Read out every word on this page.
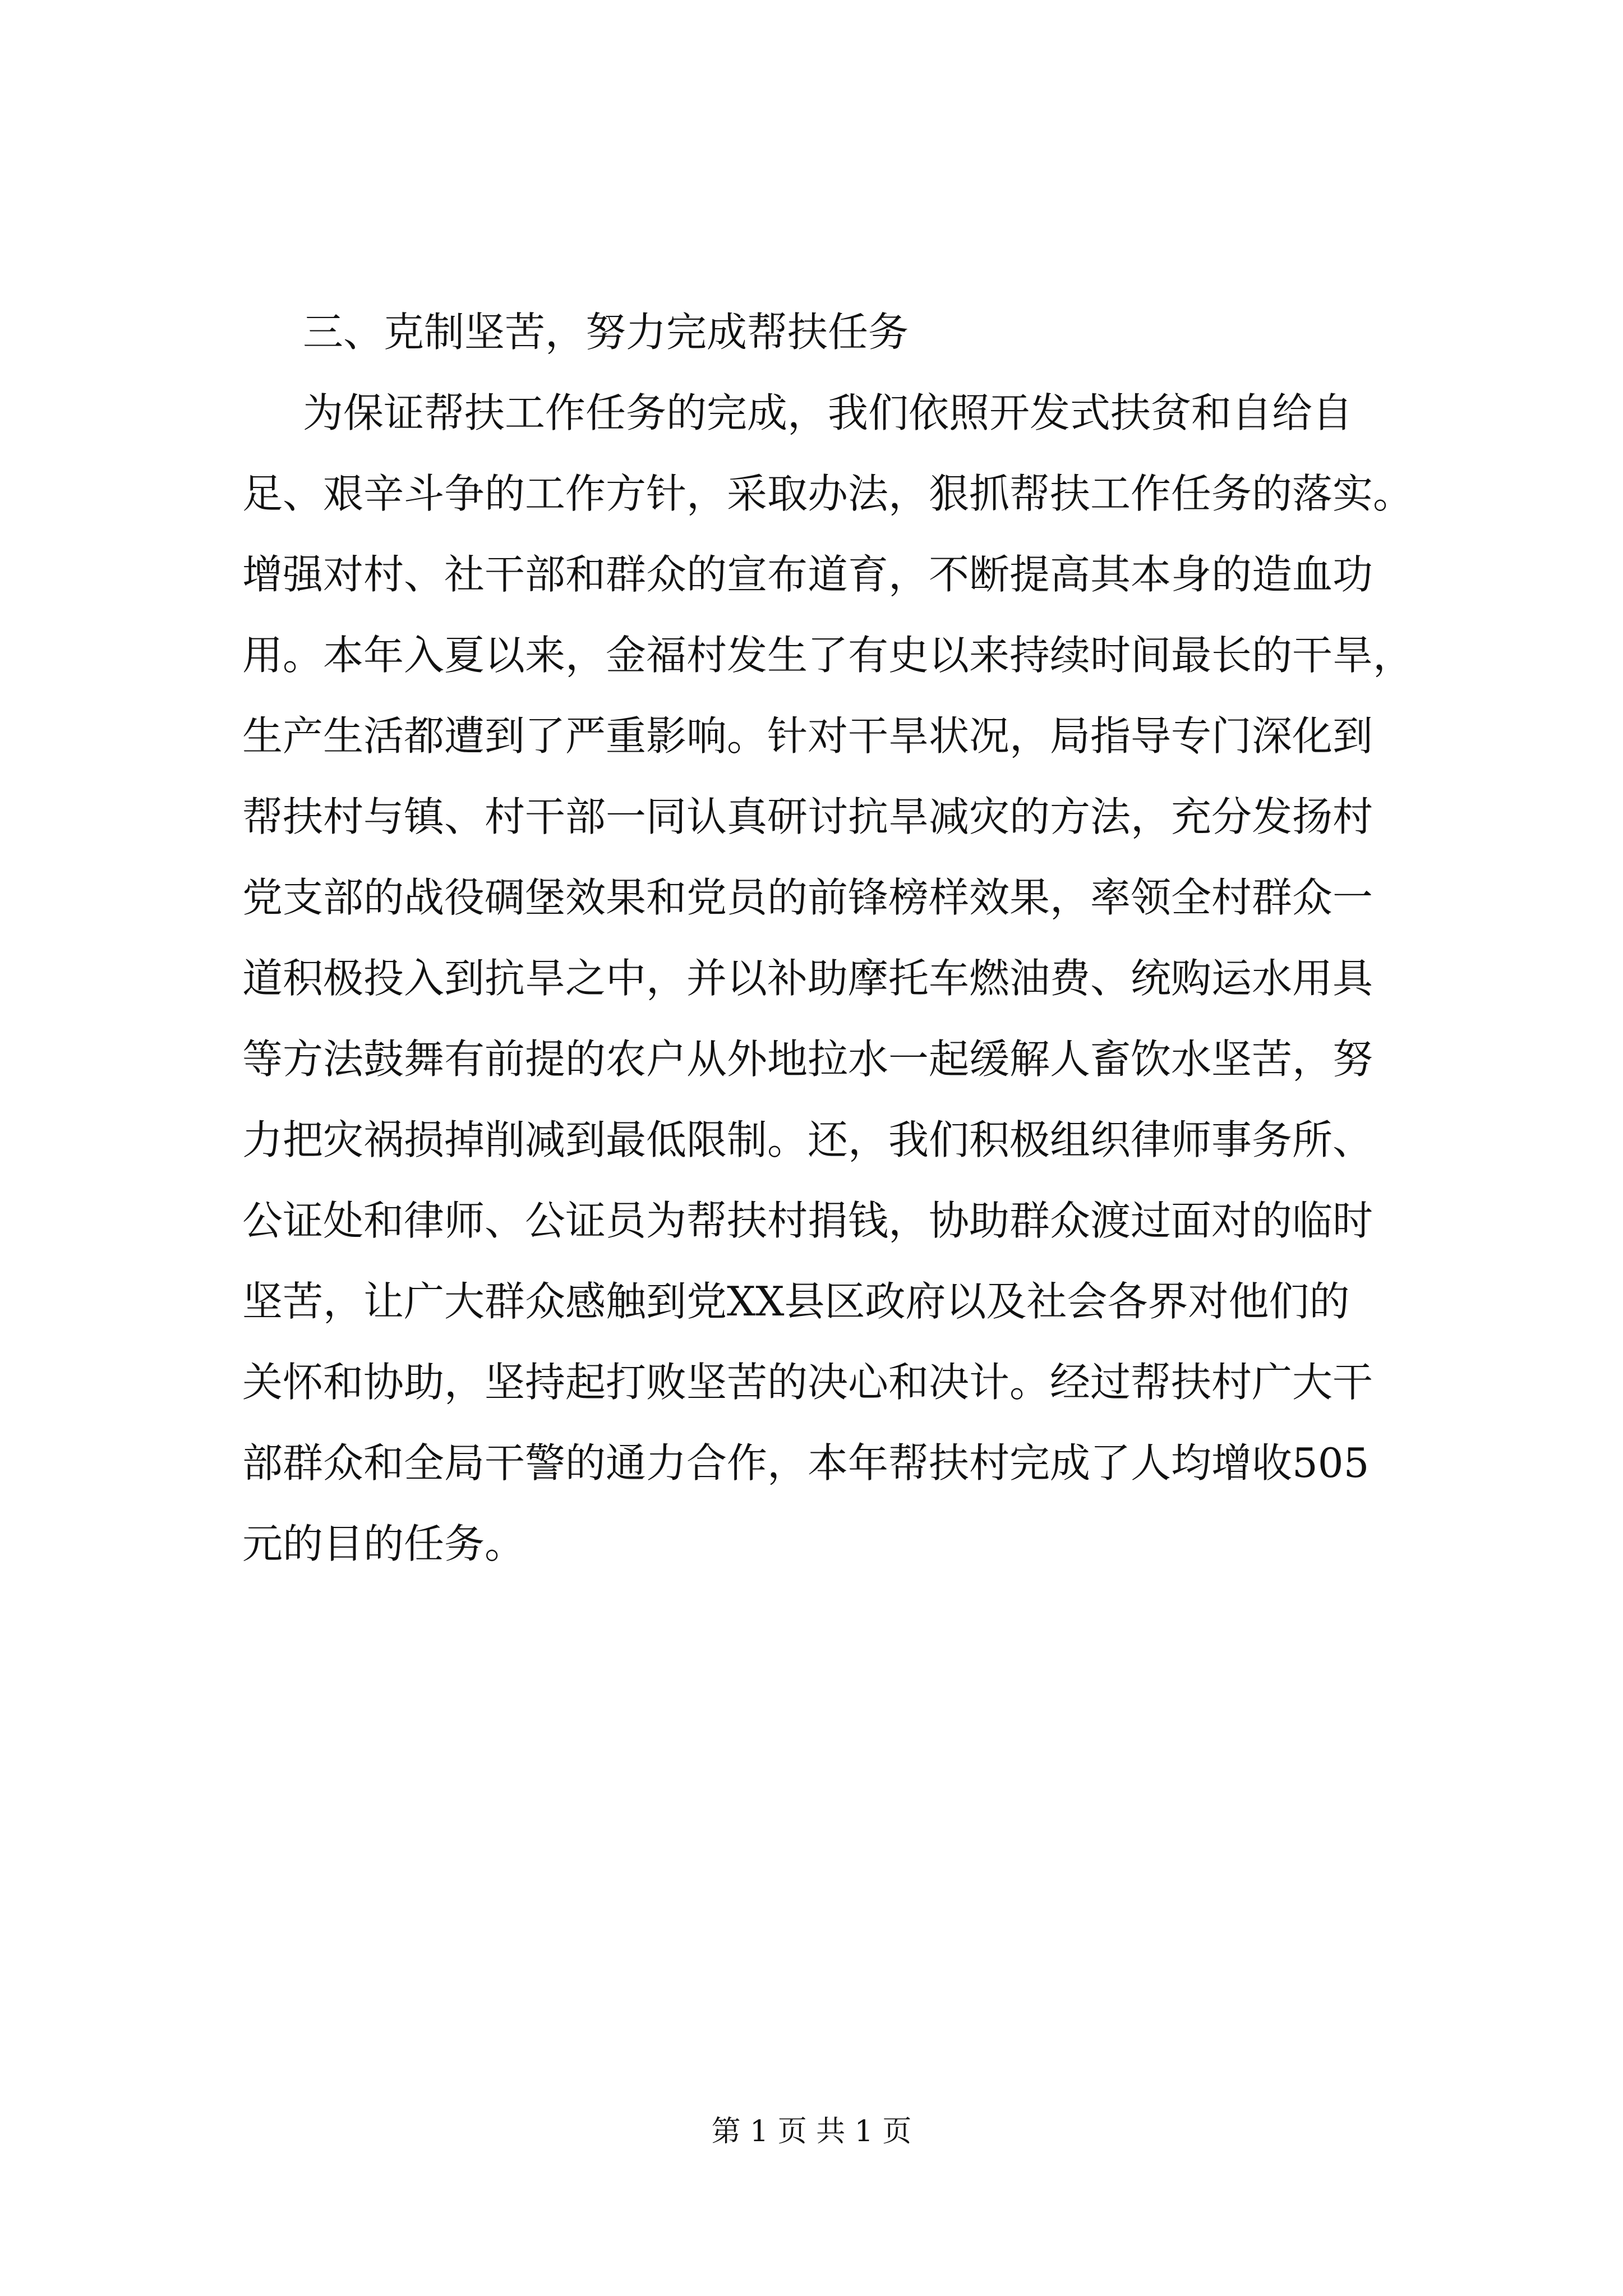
三、克制坚苦，努力完成帮扶任务
为保证帮扶工作任务的完成，我们依照开发式扶贫和自给自
足、艰辛斗争的工作方针，采取办法，狠抓帮扶工作任务的落实。
增强对村、社干部和群众的宣布道育，不断提高其本身的造血功
用。本年入夏以来，金福村发生了有史以来持续时间最长的干旱，
生产生活都遭到了严重影响。针对干旱状况，局指导专门深化到
帮扶村与镇、村干部一同认真研讨抗旱减灾的方法，充分发扬村
党支部的战役碉堡效果和党员的前锋榜样效果，率领全村群众一
道积极投入到抗旱之中，并以补助摩托车燃油费、统购运水用具
等方法鼓舞有前提的农户从外地拉水一起缓解人畜饮水坚苦，努
力把灾祸损掉削减到最低限制。还，我们积极组织律师事务所、
公证处和律师、公证员为帮扶村捐钱，协助群众渡过面对的临时
坚苦，让广大群众感触到党XX县区政府以及社会各界对他们的
关怀和协助，坚持起打败坚苦的决心和决计。经过帮扶村广大干
部群众和全局干警的通力合作，本年帮扶村完成了人均增收505
元的目的任务。
第 1 页 共 1 页
